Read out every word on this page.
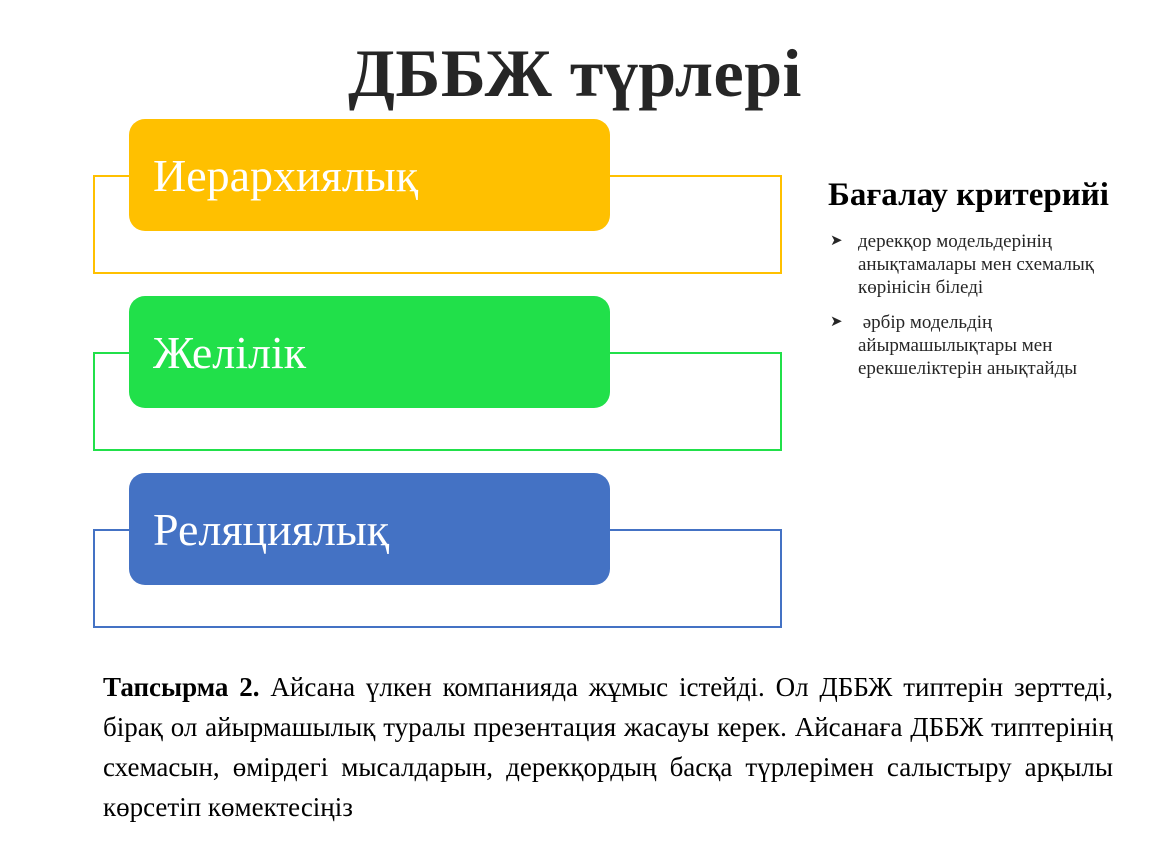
ДББЖ түрлері
Иерархиялық
Желілік
Реляциялық
Бағалау критерийі
➤ дерекқор модельдерінің анықтамалары мен схемалық көрінісін біледі
➤ әрбір модельдің айырмашылықтары мен ерекшеліктерін анықтайды
Тапсырма 2. Айсана үлкен компанияда жұмыс істейді. Ол ДББЖ типтерін зерттеді, бірақ ол айырмашылық туралы презентация жасауы керек. Айсанаға ДББЖ типтерінің схемасын, өмірдегі мысалдарын, дерекқордың басқа түрлерімен салыстыру арқылы көрсетіп көмектесіңіз
